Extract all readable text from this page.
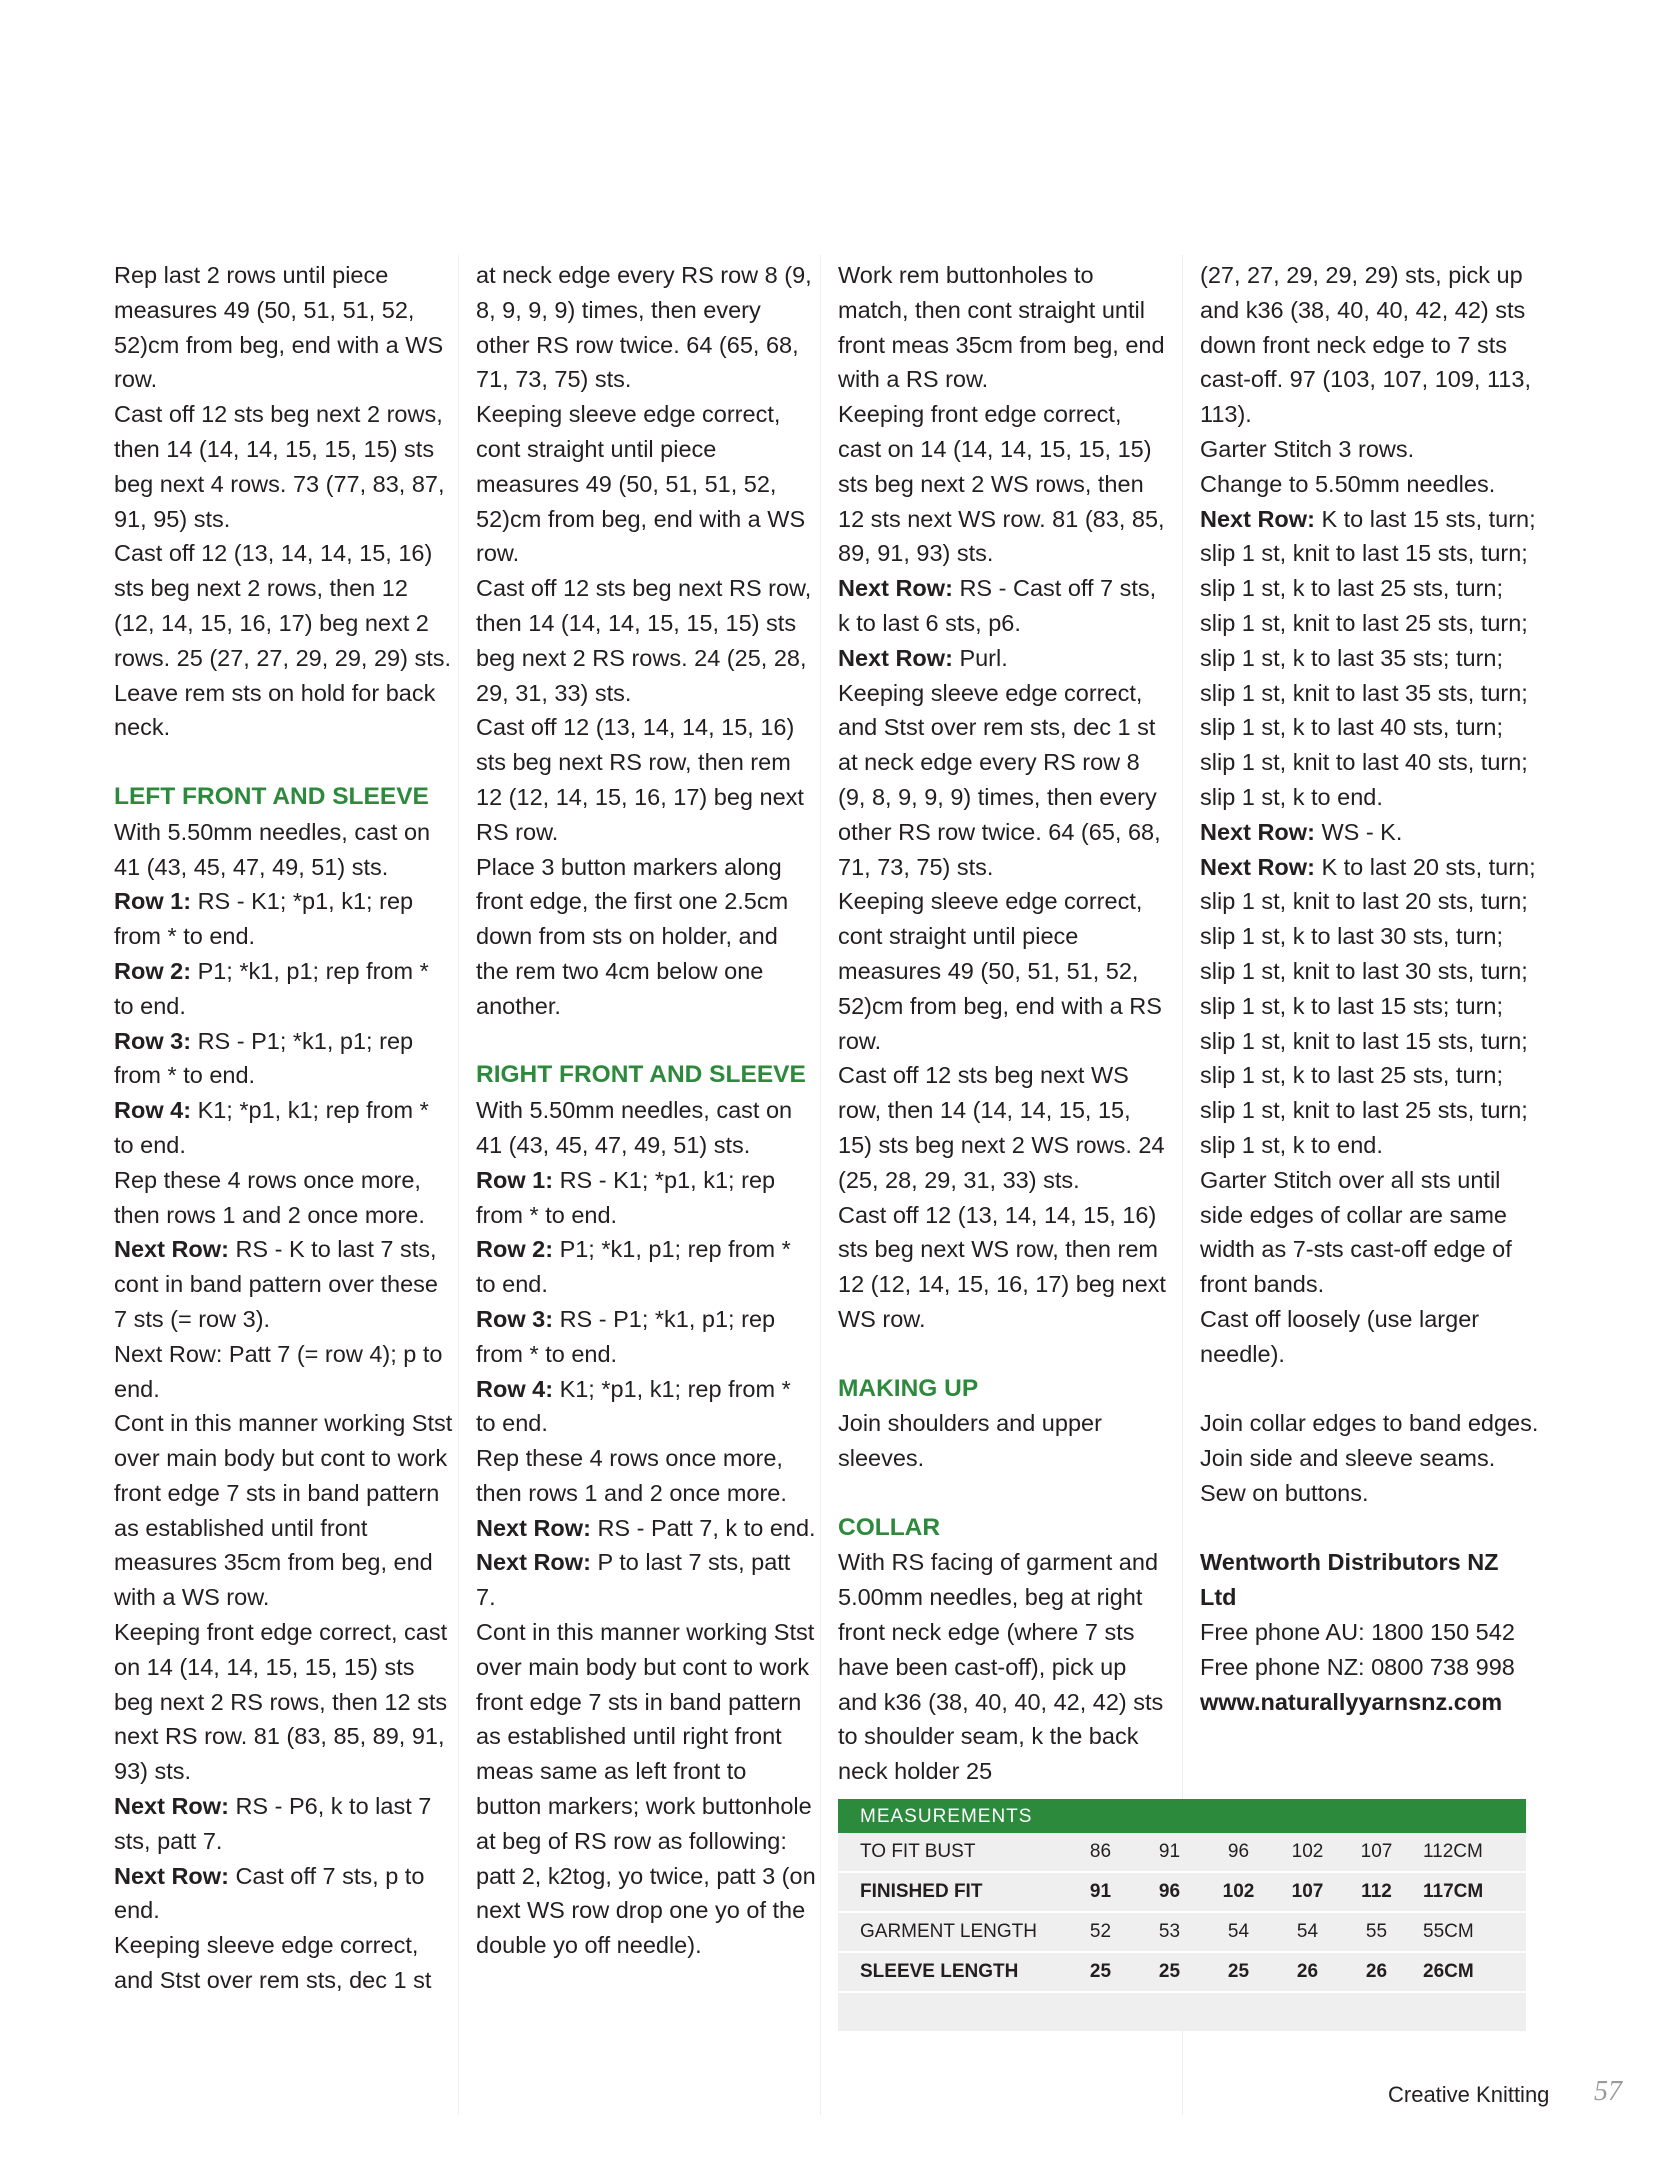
Rep last 2 rows until piece measures 49 (50, 51, 51, 52, 52)cm from beg, end with a WS row.

Cast off 12 sts beg next 2 rows, then 14 (14, 14, 15, 15, 15) sts beg next 4 rows. 73 (77, 83, 87, 91, 95) sts.

Cast off 12 (13, 14, 14, 15, 16) sts beg next 2 rows, then 12 (12, 14, 15, 16, 17) beg next 2 rows. 25 (27, 27, 29, 29, 29) sts.

Leave rem sts on hold for back neck.

LEFT FRONT AND SLEEVE

With 5.50mm needles, cast on 41 (43, 45, 47, 49, 51) sts.

Row 1: RS - K1; *p1, k1; rep from * to end.

Row 2: P1; *k1, p1; rep from * to end.

Row 3: RS - P1; *k1, p1; rep from * to end.

Row 4: K1; *p1, k1; rep from * to end.

Rep these 4 rows once more, then rows 1 and 2 once more.

Next Row: RS - K to last 7 sts, cont in band pattern over these 7 sts (= row 3).

Next Row: Patt 7 (= row 4); p to end.

Cont in this manner working Stst over main body but cont to work front edge 7 sts in band pattern as established until front measures 35cm from beg, end with a WS row.

Keeping front edge correct, cast on 14 (14, 14, 15, 15, 15) sts beg next 2 RS rows, then 12 sts next RS row. 81 (83, 85, 89, 91, 93) sts.

Next Row: RS - P6, k to last 7 sts, patt 7.

Next Row: Cast off 7 sts, p to end.

Keeping sleeve edge correct, and Stst over rem sts, dec 1 st

at neck edge every RS row 8 (9, 8, 9, 9, 9) times, then every other RS row twice. 64 (65, 68, 71, 73, 75) sts.

Keeping sleeve edge correct, cont straight until piece measures 49 (50, 51, 51, 52, 52)cm from beg, end with a WS row.

Cast off 12 sts beg next RS row, then 14 (14, 14, 15, 15, 15) sts beg next 2 RS rows. 24 (25, 28, 29, 31, 33) sts.

Cast off 12 (13, 14, 14, 15, 16) sts beg next RS row, then rem 12 (12, 14, 15, 16, 17) beg next RS row.

Place 3 button markers along front edge, the first one 2.5cm down from sts on holder, and the rem two 4cm below one another.

RIGHT FRONT AND SLEEVE

With 5.50mm needles, cast on 41 (43, 45, 47, 49, 51) sts.

Row 1: RS - K1; *p1, k1; rep from * to end.

Row 2: P1; *k1, p1; rep from * to end.

Row 3: RS - P1; *k1, p1; rep from * to end.

Row 4: K1; *p1, k1; rep from * to end.

Rep these 4 rows once more, then rows 1 and 2 once more.

Next Row: RS - Patt 7, k to end.

Next Row: P to last 7 sts, patt 7.

Cont in this manner working Stst over main body but cont to work front edge 7 sts in band pattern as established until right front meas same as left front to button markers; work buttonhole at beg of RS row as following: patt 2, k2tog, yo twice, patt 3 (on next WS row drop one yo of the double yo off needle).

Work rem buttonholes to match, then cont straight until front meas 35cm from beg, end with a RS row.

Keeping front edge correct, cast on 14 (14, 14, 15, 15, 15) sts beg next 2 WS rows, then 12 sts next WS row. 81 (83, 85, 89, 91, 93) sts.

Next Row: RS - Cast off 7 sts, k to last 6 sts, p6.

Next Row: Purl.

Keeping sleeve edge correct, and Stst over rem sts, dec 1 st at neck edge every RS row 8 (9, 8, 9, 9, 9) times, then every other RS row twice. 64 (65, 68, 71, 73, 75) sts.

Keeping sleeve edge correct, cont straight until piece measures 49 (50, 51, 51, 52, 52)cm from beg, end with a RS row.

Cast off 12 sts beg next WS row, then 14 (14, 14, 15, 15, 15) sts beg next 2 WS rows. 24 (25, 28, 29, 31, 33) sts.

Cast off 12 (13, 14, 14, 15, 16) sts beg next WS row, then rem 12 (12, 14, 15, 16, 17) beg next WS row.

MAKING UP

Join shoulders and upper sleeves.

COLLAR

With RS facing of garment and 5.00mm needles, beg at right front neck edge (where 7 sts have been cast-off), pick up and k36 (38, 40, 40, 42, 42) sts to shoulder seam, k the back neck holder 25

(27, 27, 29, 29, 29) sts, pick up and k36 (38, 40, 40, 42, 42) sts down front neck edge to 7 sts cast-off. 97 (103, 107, 109, 113, 113).

Garter Stitch 3 rows.

Change to 5.50mm needles.

Next Row: K to last 15 sts, turn; slip 1 st, knit to last 15 sts, turn; slip 1 st, k to last 25 sts, turn; slip 1 st, knit to last 25 sts, turn; slip 1 st, k to last 35 sts; turn; slip 1 st, knit to last 35 sts, turn; slip 1 st, k to last 40 sts, turn; slip 1 st, knit to last 40 sts, turn; slip 1 st, k to end.

Next Row: WS - K.

Next Row: K to last 20 sts, turn; slip 1 st, knit to last 20 sts, turn; slip 1 st, k to last 30 sts, turn; slip 1 st, knit to last 30 sts, turn; slip 1 st, k to last 15 sts; turn; slip 1 st, knit to last 15 sts, turn; slip 1 st, k to last 25 sts, turn; slip 1 st, knit to last 25 sts, turn; slip 1 st, k to end.

Garter Stitch over all sts until side edges of collar are same width as 7-sts cast-off edge of front bands.

Cast off loosely (use larger needle).

Join collar edges to band edges.

Join side and sleeve seams. Sew on buttons.

Wentworth Distributors NZ Ltd

Free phone AU: 1800 150 542

Free phone NZ: 0800 738 998

www.naturallyyarnsnz.com

MEASUREMENTS
TO FIT BUST	86	91	96	102	107	112CM
FINISHED FIT	91	96	102	107	112	117CM
GARMENT LENGTH	52	53	54	54	55	55CM
SLEEVE LENGTH	25	25	25	26	26	26CM
Creative Knitting 57
